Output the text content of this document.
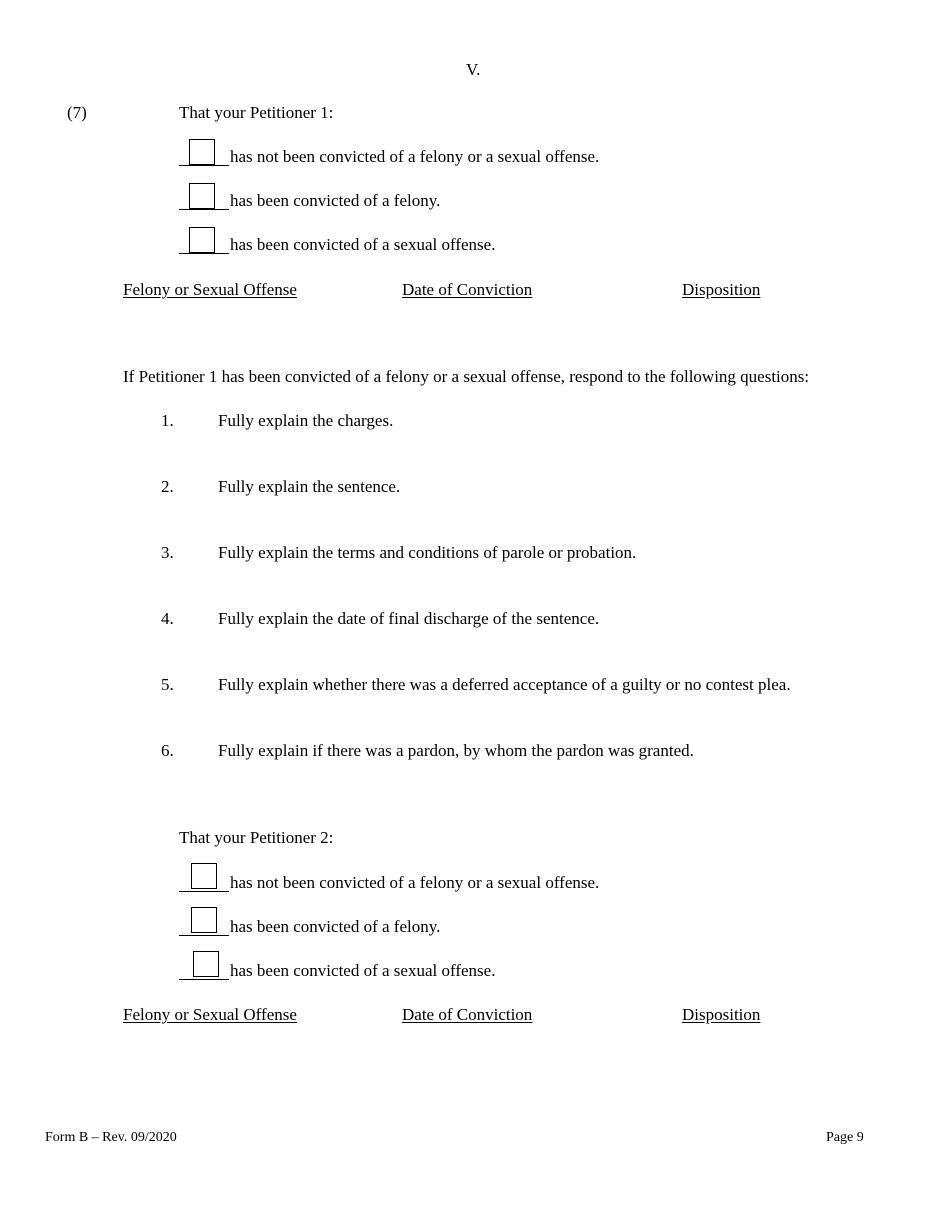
V.
(7)	That your Petitioner 1:
has not been convicted of a felony or a sexual offense.
has been convicted of a felony.
has been convicted of a sexual offense.
Felony or Sexual Offense	Date of Conviction	Disposition
If Petitioner 1 has been convicted of a felony or a sexual offense, respond to the following questions:
1.	Fully explain the charges.
2.	Fully explain the sentence.
3.	Fully explain the terms and conditions of parole or probation.
4.	Fully explain the date of final discharge of the sentence.
5.	Fully explain whether there was a deferred acceptance of a guilty or no contest plea.
6.	Fully explain if there was a pardon, by whom the pardon was granted.
That your Petitioner 2:
has not been convicted of a felony or a sexual offense.
has been convicted of a felony.
has been convicted of a sexual offense.
Felony or Sexual Offense	Date of Conviction	Disposition
Form B – Rev. 09/2020	Page 9
